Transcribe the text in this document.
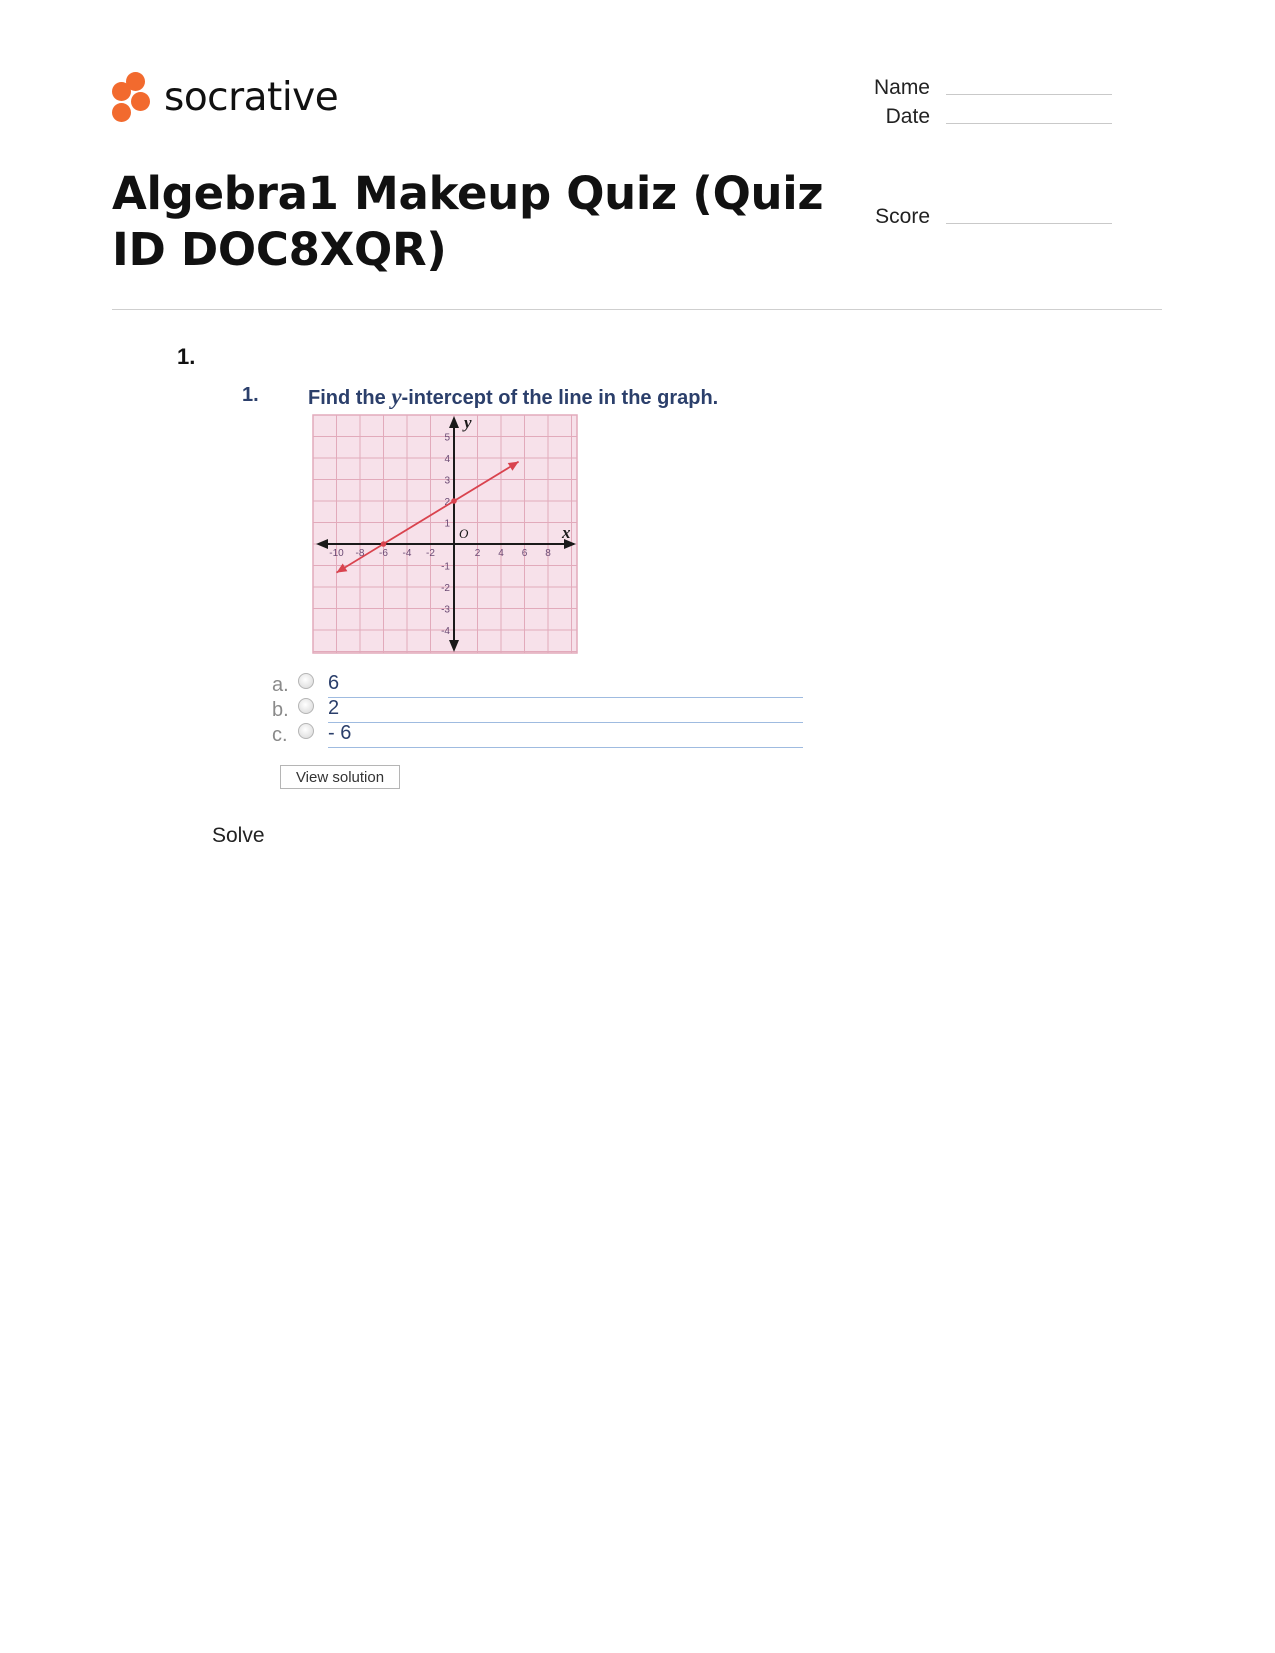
socrative	Name
Date
Score
Algebra1 Makeup Quiz (Quiz ID DOC8XQR)
1.
1. Find the y-intercept of the line in the graph.
x
y
O
-10 -8 -6 -4 -2	2 4 6 8
5
4
3
2
1
-1
-2
-3
-4
a.	6
b.	2
c.	- 6
View solution
Solve
